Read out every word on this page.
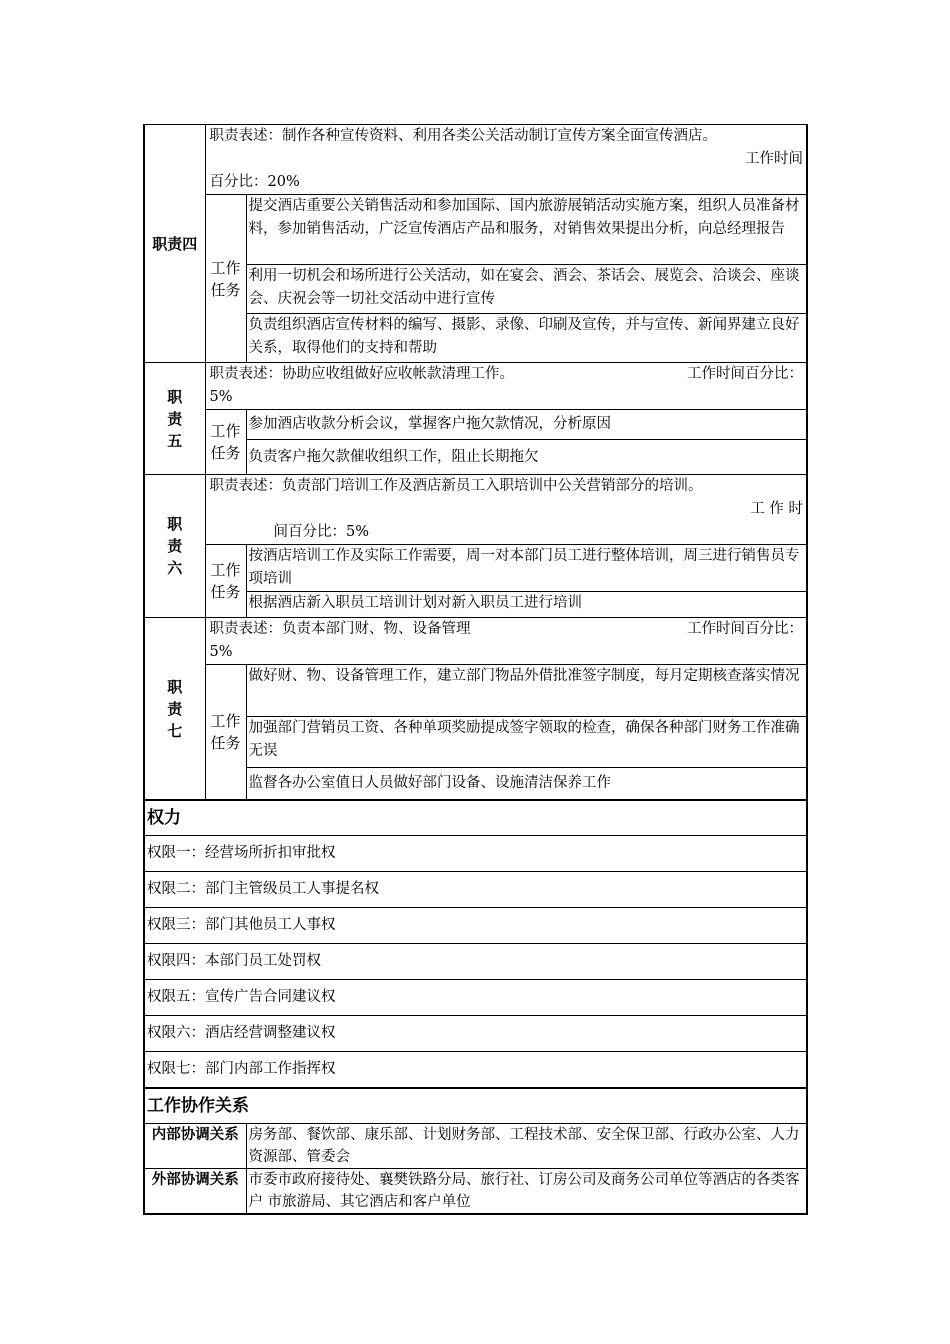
职责四	职责表述：制作各种宣传资料、利用各类公关活动制订宣传方案全面宣传酒店。
工作时间
百分比：20%	
	工作任务	提交酒店重要公关销售活动和参加国际、国内旅游展销活动实施方案，组织人员准备材料，参加销售活动，广泛宣传酒店产品和服务，对销售效果提出分析，向总经理报告
		利用一切机会和场所进行公关活动，如在宴会、酒会、茶话会、展览会、洽谈会、座谈会、庆祝会等一切社交活动中进行宣传
		负责组织酒店宣传材料的编写、摄影、录像、印刷及宣传，并与宣传、新闻界建立良好关系，取得他们的支持和帮助
职责五	职责表述：协助应收组做好应收帐款清理工作。 工作时间百分比：
5%	
	工作任务	参加酒店收款分析会议，掌握客户拖欠款情况，分析原因
		负责客户拖欠款催收组织工作，阻止长期拖欠
职责六	职责表述：负责部门培训工作及酒店新员工入职培训中公关营销部分的培训。
工 作 时
间百分比：5%	

	工作任务	按酒店培训工作及实际工作需要，周一对本部门员工进行整体培训，周三进行销售员专项培训
		根据酒店新入职员工培训计划对新入职员工进行培训
职责七	职责表述：负责本部门财、物、设备管理 工作时间百分比：
5%	
	工作任务	做好财、物、设备管理工作，建立部门物品外借批准签字制度，每月定期核查落实情况
		加强部门营销员工资、各种单项奖励提成签字领取的检查，确保各种部门财务工作准确无误
		监督各办公室值日人员做好部门设备、设施清洁保养工作
权力		
权限一：经营场所折扣审批权		
权限二：部门主管级员工人事提名权		
权限三：部门其他员工人事权		
权限四：本部门员工处罚权		
权限五：宣传广告合同建议权		
权限六：酒店经营调整建议权		
权限七：部门内部工作指挥权		
工作协作关系		
内部协调关系		房务部、餐饮部、康乐部、计划财务部、工程技术部、安全保卫部、行政办公室、人力资源部、管委会
外部协调关系		市委市政府接待处、襄樊铁路分局、旅行社、订房公司及商务公司单位等酒店的各类客户 市旅游局、其它酒店和客户单位
